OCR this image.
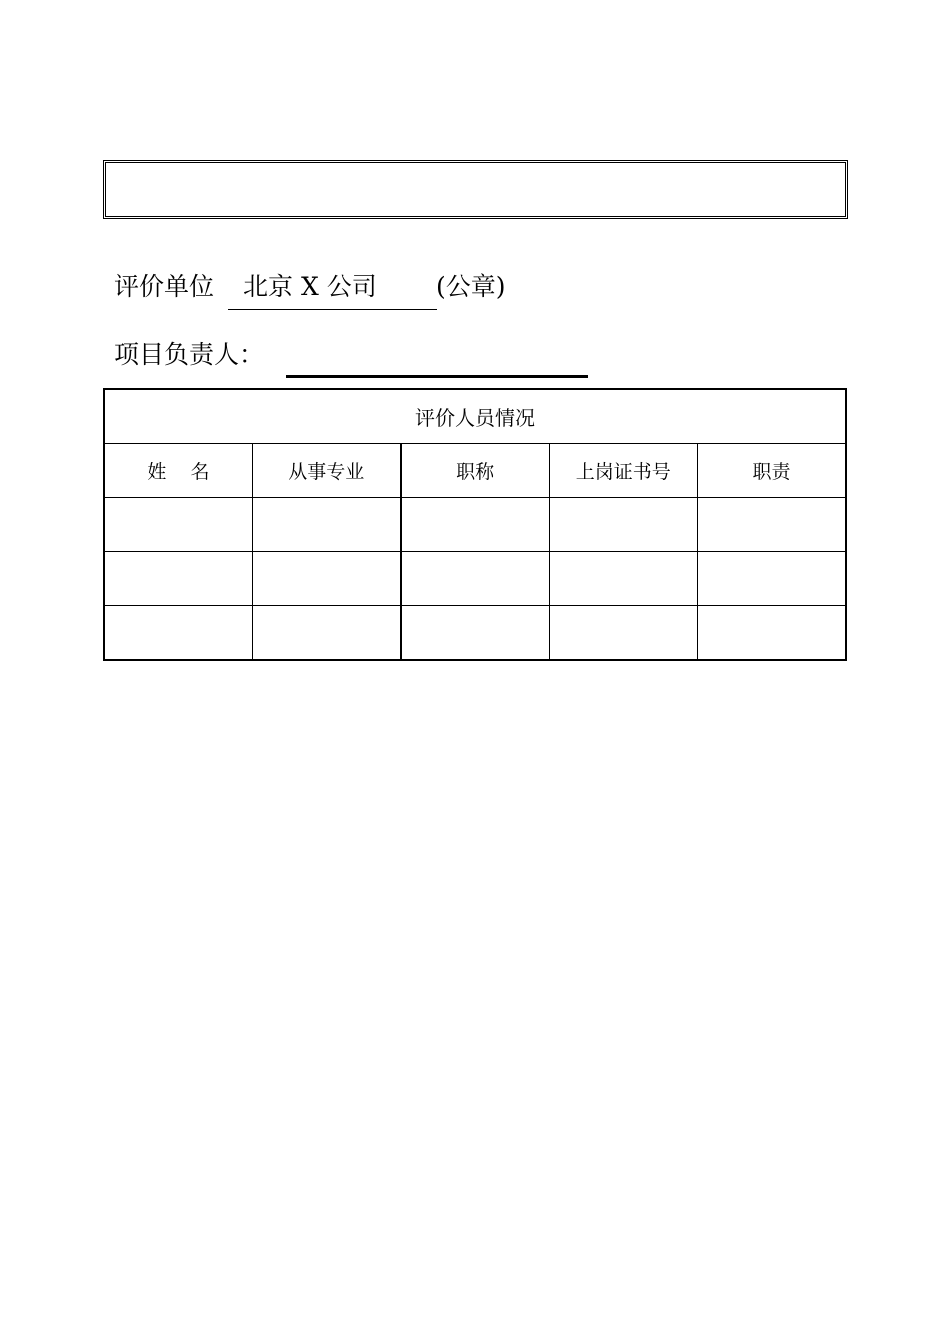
评价单位 北京 X 公司 (公章)
项目负责人：
评价人员情况				
姓    名	从事专业	职称	上岗证书号	职责
